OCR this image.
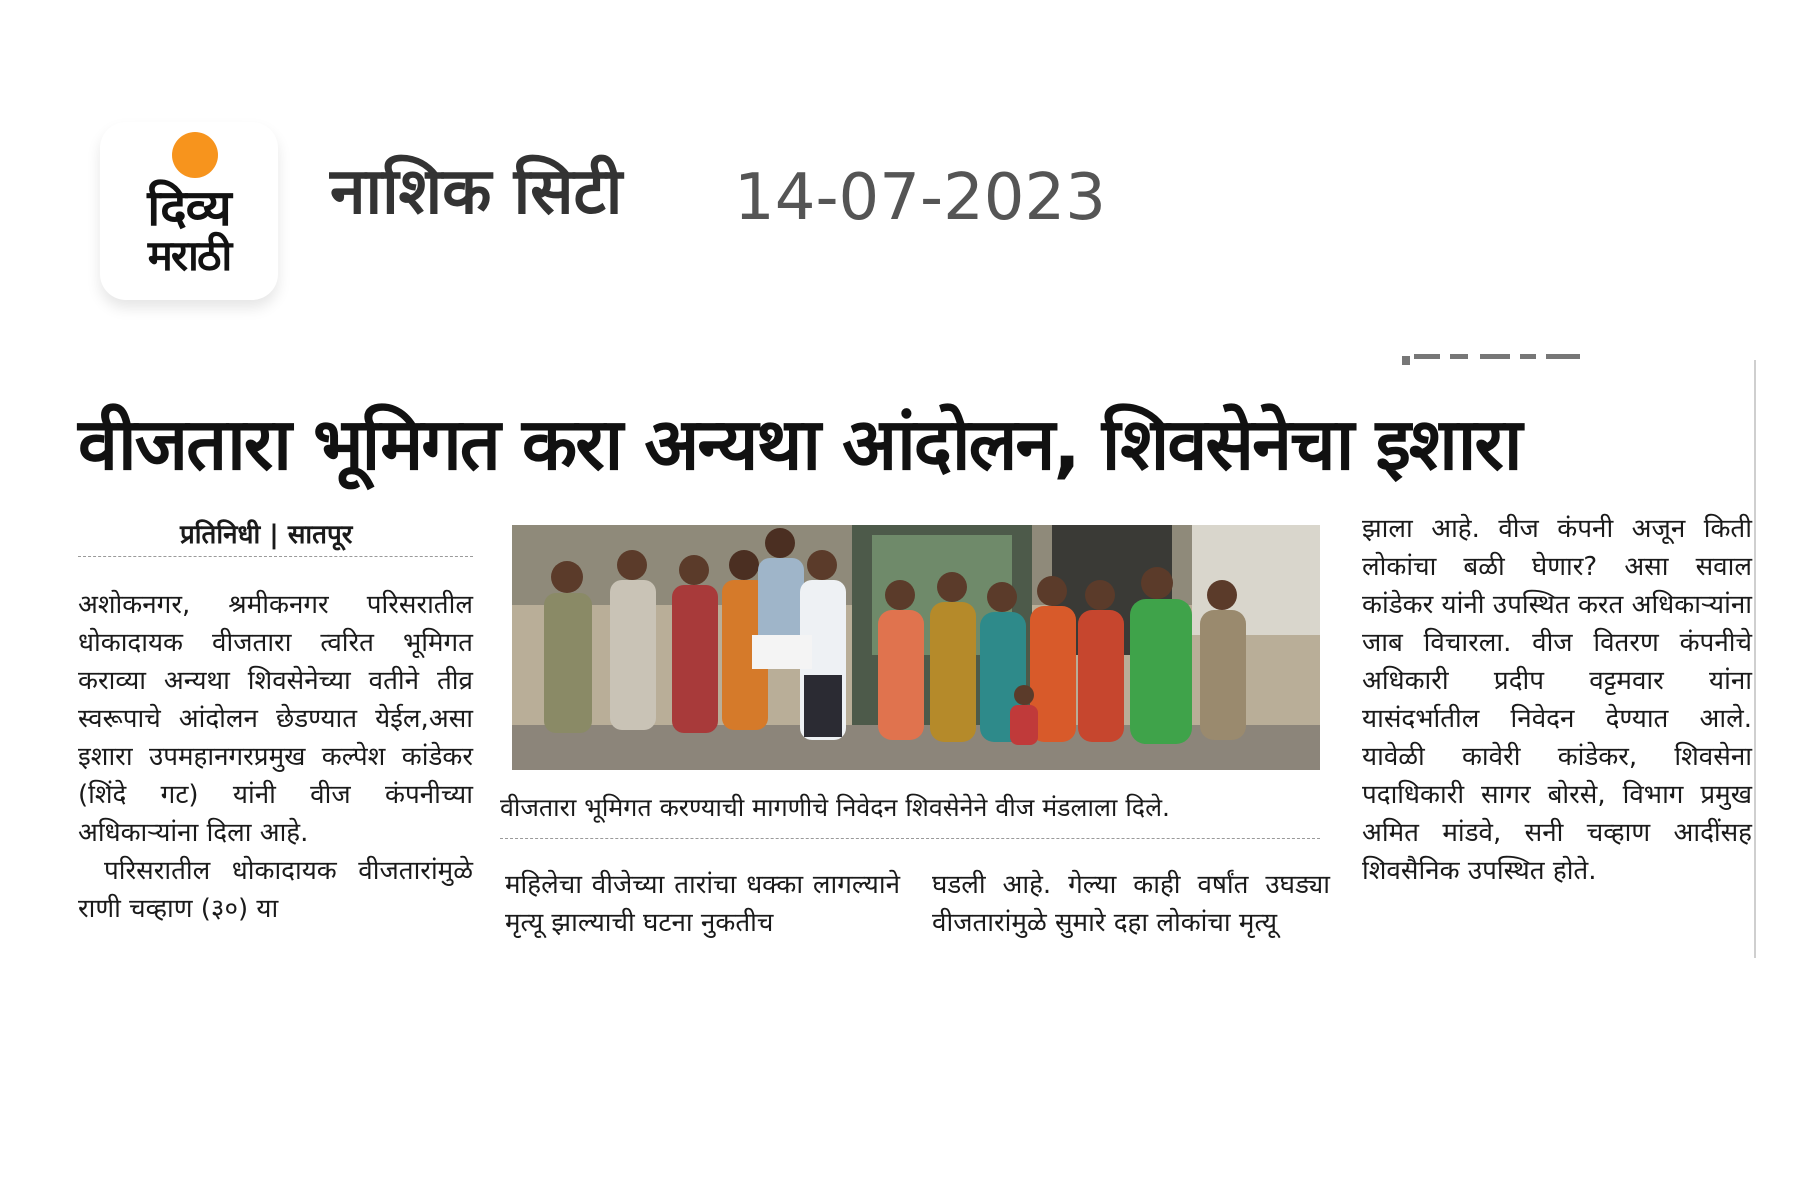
दिव्य
मराठी
नाशिक सिटी 14-07-2023
वीजतारा भूमिगत करा अन्यथा आंदोलन, शिवसेनेचा इशारा
प्रतिनिधी | सातपूर

अशोकनगर, श्रमीकनगर परिसरातील धोकादायक वीजतारा त्वरित भूमिगत कराव्या अन्यथा शिवसेनेच्या वतीने तीव्र स्वरूपाचे आंदोलन छेडण्यात येईल,असा इशारा उपमहानगरप्रमुख कल्पेश कांडेकर (शिंदे गट) यांनी वीज कंपनीच्या अधिकाऱ्यांना दिला आहे.

परिसरातील धोकादायक वीजतारांमुळे राणी चव्हाण (३०) या

वीजतारा भूमिगत करण्याची मागणीचे निवेदन शिवसेनेने वीज मंडलाला दिले.
महिलेचा वीजेच्या तारांचा धक्का लागल्याने मृत्यू झाल्याची घटना नुकतीच
घडली आहे. गेल्या काही वर्षांत उघड्या वीजतारांमुळे सुमारे दहा लोकांचा मृत्यू
झाला आहे. वीज कंपनी अजून किती लोकांचा बळी घेणार? असा सवाल कांडेकर यांनी उपस्थित करत अधिकाऱ्यांना जाब विचारला. वीज वितरण कंपनीचे अधिकारी प्रदीप वट्टमवार यांना यासंदर्भातील निवेदन देण्यात आले. यावेळी कावेरी कांडेकर, शिवसेना पदाधिकारी सागर बोरसे, विभाग प्रमुख अमित मांडवे, सनी चव्हाण आदींसह शिवसैनिक उपस्थित होते.
